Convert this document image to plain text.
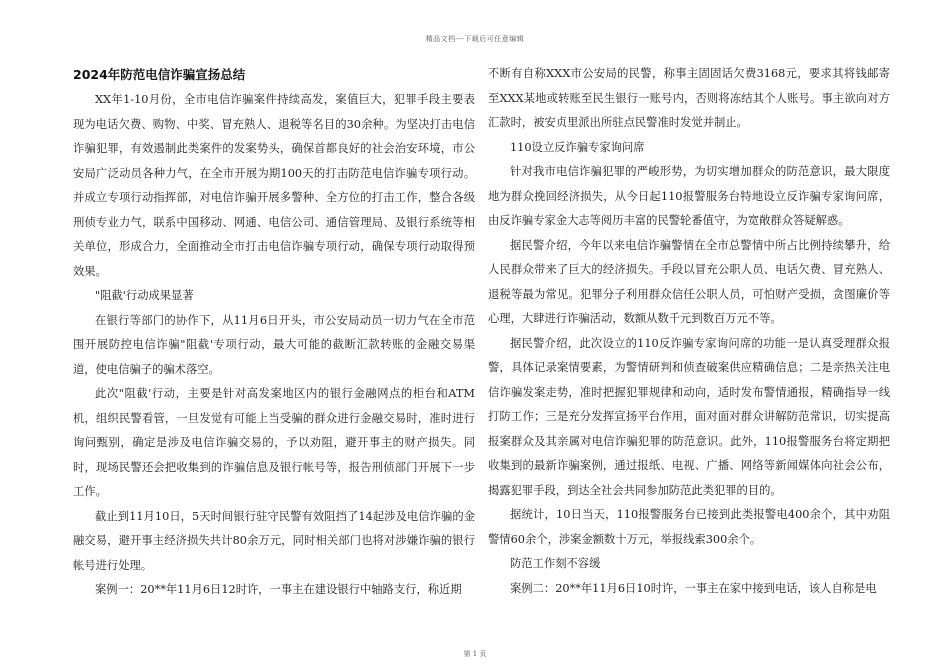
精品文档---下载后可任意编辑
2024年防范电信诈骗宣扬总结

XX年1-10月份，全市电信诈骗案件持续高发，案值巨大，犯罪手段主要表现为电话欠费、购物、中奖、冒充熟人、退税等名目的30余种。为坚决打击电信诈骗犯罪，有效遏制此类案件的发案势头，确保首都良好的社会治安环境，市公安局广泛动员各种力气，在全市开展为期100天的打击防范电信诈骗专项行动。并成立专项行动指挥部，对电信诈骗开展多警种、全方位的打击工作，整合各级刑侦专业力气，联系中国移动、网通、电信公司、通信管理局、及银行系统等相关单位，形成合力，全面推动全市打击电信诈骗专项行动，确保专项行动取得预效果。

"阻截'行动成果显著

在银行等部门的协作下，从11月6日开头，市公安局动员一切力气在全市范围开展防控电信诈骗"阻截'专项行动，最大可能的截断汇款转账的金融交易渠道，使电信骗子的骗术落空。

此次"阻截'行动，主要是针对高发案地区内的银行金融网点的柜台和ATM机，组织民警看管，一旦发觉有可能上当受骗的群众进行金融交易时，准时进行询问甄别，确定是涉及电信诈骗交易的，予以劝阻，避开事主的财产损失。同时，现场民警还会把收集到的诈骗信息及银行帐号等，报告刑侦部门开展下一步工作。

截止到11月10日，5天时间银行驻守民警有效阻挡了14起涉及电信诈骗的金融交易，避开事主经济损失共计80余万元，同时相关部门也将对涉嫌诈骗的银行帐号进行处理。

案例一：20**年11月6日12时许，一事主在建设银行中轴路支行，称近期

不断有自称XXX市公安局的民警，称事主固固话欠费3168元，要求其将钱邮寄至XXX某地或转账至民生银行一账号内，否则将冻结其个人账号。事主欲向对方汇款时，被安贞里派出所驻点民警准时发觉并制止。

110设立反诈骗专家询问席

针对我市电信诈骗犯罪的严峻形势，为切实增加群众的防范意识，最大限度地为群众挽回经济损失，从今日起110报警服务台特地设立反诈骗专家询问席，由反诈骗专家金大志等阅历丰富的民警轮番值守，为宽敞群众答疑解惑。

据民警介绍，今年以来电信诈骗警情在全市总警情中所占比例持续攀升，给人民群众带来了巨大的经济损失。手段以冒充公职人员、电话欠费、冒充熟人、退税等最为常见。犯罪分子利用群众信任公职人员，可怕财产受损，贪图廉价等心理，大肆进行诈骗活动，数额从数千元到数百万元不等。

据民警介绍，此次设立的110反诈骗专家询问席的功能一是认真受理群众报警，具体记录案情要素，为警情研判和侦查破案供应精确信息；二是亲热关注电信诈骗发案走势，准时把握犯罪规律和动向，适时发布警情通报，精确指导一线打防工作；三是充分发挥宣扬平台作用，面对面对群众讲解防范常识，切实提高报案群众及其亲属对电信诈骗犯罪的防范意识。此外，110报警服务台将定期把收集到的最新诈骗案例，通过报纸、电视、广播、网络等新闻媒体向社会公布，揭露犯罪手段，到达全社会共同参加防范此类犯罪的目的。

据统计，10日当天，110报警服务台已接到此类报警电400余个，其中劝阻警情60余个，涉案金额数十万元，举报线索300余个。

防范工作刻不容缓

案例二：20**年11月6日10时许，一事主在家中接到电话，该人自称是电

第 1 页
